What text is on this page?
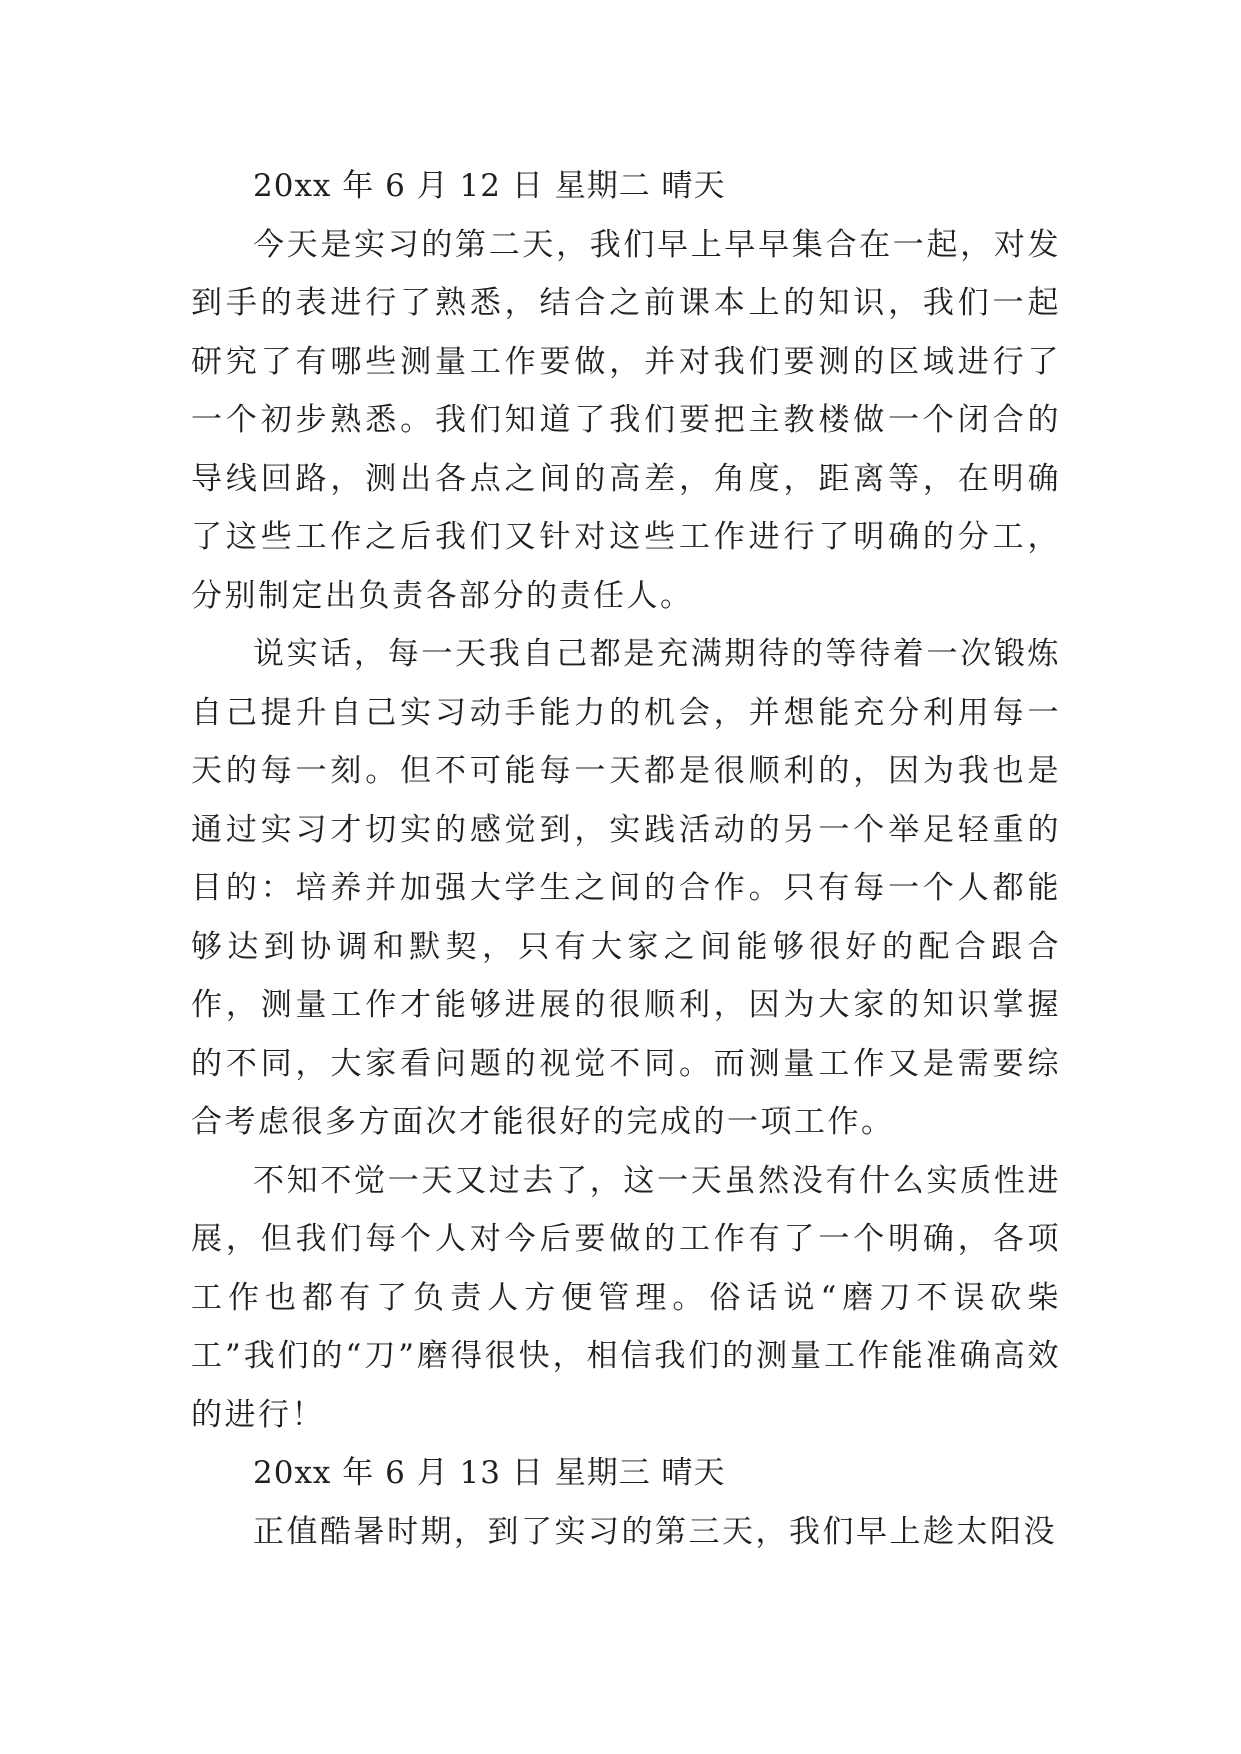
20xx 年 6 月 12 日 星期二 晴天

今天是实习的第二天，我们早上早早集合在一起，对发到手的表进行了熟悉，结合之前课本上的知识，我们一起研究了有哪些测量工作要做，并对我们要测的区域进行了一个初步熟悉。我们知道了我们要把主教楼做一个闭合的导线回路，测出各点之间的高差，角度，距离等，在明确了这些工作之后我们又针对这些工作进行了明确的分工，分别制定出负责各部分的责任人。

说实话，每一天我自己都是充满期待的等待着一次锻炼自己提升自己实习动手能力的机会，并想能充分利用每一天的每一刻。但不可能每一天都是很顺利的，因为我也是通过实习才切实的感觉到，实践活动的另一个举足轻重的目的：培养并加强大学生之间的合作。只有每一个人都能够达到协调和默契，只有大家之间能够很好的配合跟合作，测量工作才能够进展的很顺利，因为大家的知识掌握的不同，大家看问题的视觉不同。而测量工作又是需要综合考虑很多方面次才能很好的完成的一项工作。

不知不觉一天又过去了，这一天虽然没有什么实质性进展，但我们每个人对今后要做的工作有了一个明确，各项工作也都有了负责人方便管理。俗话说“磨刀不误砍柴工”我们的“刀”磨得很快，相信我们的测量工作能准确高效的进行！

20xx 年 6 月 13 日 星期三 晴天

正值酷暑时期，到了实习的第三天，我们早上趁太阳没
